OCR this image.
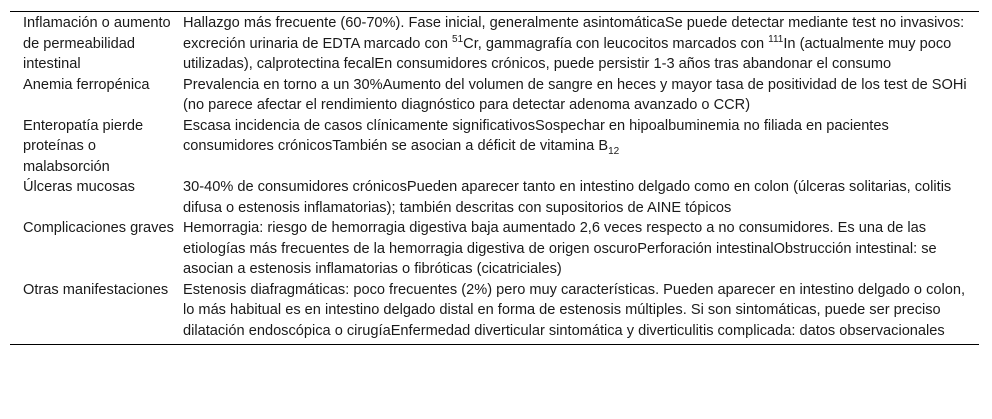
Inflamación o aumento de permeabilidad intestinal	Hallazgo más frecuente (60-70%). Fase inicial, generalmente asintomáticaSe puede detectar mediante test no invasivos: excreción urinaria de EDTA marcado con $^{51}$Cr, gammagrafía con leucocitos marcados con $^{111}$In (actualmente muy poco utilizadas), calprotectina fecalEn consumidores crónicos, puede persistir 1-3 años tras abandonar el consumo
Anemia ferropénica	Prevalencia en torno a un 30%Aumento del volumen de sangre en heces y mayor tasa de positividad de los test de SOHi (no parece afectar el rendimiento diagnóstico para detectar adenoma avanzado o CCR)
Enteropatía pierde proteínas o malabsorción	Escasa incidencia de casos clínicamente significativosSospechar en hipoalbuminemia no filiada en pacientes consumidores crónicosTambién se asocian a déficit de vitamina $B_{12}$
Úlceras mucosas	30-40% de consumidores crónicosPueden aparecer tanto en intestino delgado como en colon (úlceras solitarias, colitis difusa o estenosis inflamatorias); también descritas con supositorios de AINE tópicos
Complicaciones graves	Hemorragia: riesgo de hemorragia digestiva baja aumentado 2,6 veces respecto a no consumidores. Es una de las etiologías más frecuentes de la hemorragia digestiva de origen oscuroPerforación intestinalObstrucción intestinal: se asocian a estenosis inflamatorias o fibróticas (cicatriciales)
Otras manifestaciones	Estenosis diafragmáticas: poco frecuentes (2%) pero muy características. Pueden aparecer en intestino delgado o colon, lo más habitual es en intestino delgado distal en forma de estenosis múltiples. Si son sintomáticas, puede ser preciso dilatación endoscópica o cirugíaEnfermedad diverticular sintomática y diverticulitis complicada: datos observacionales
